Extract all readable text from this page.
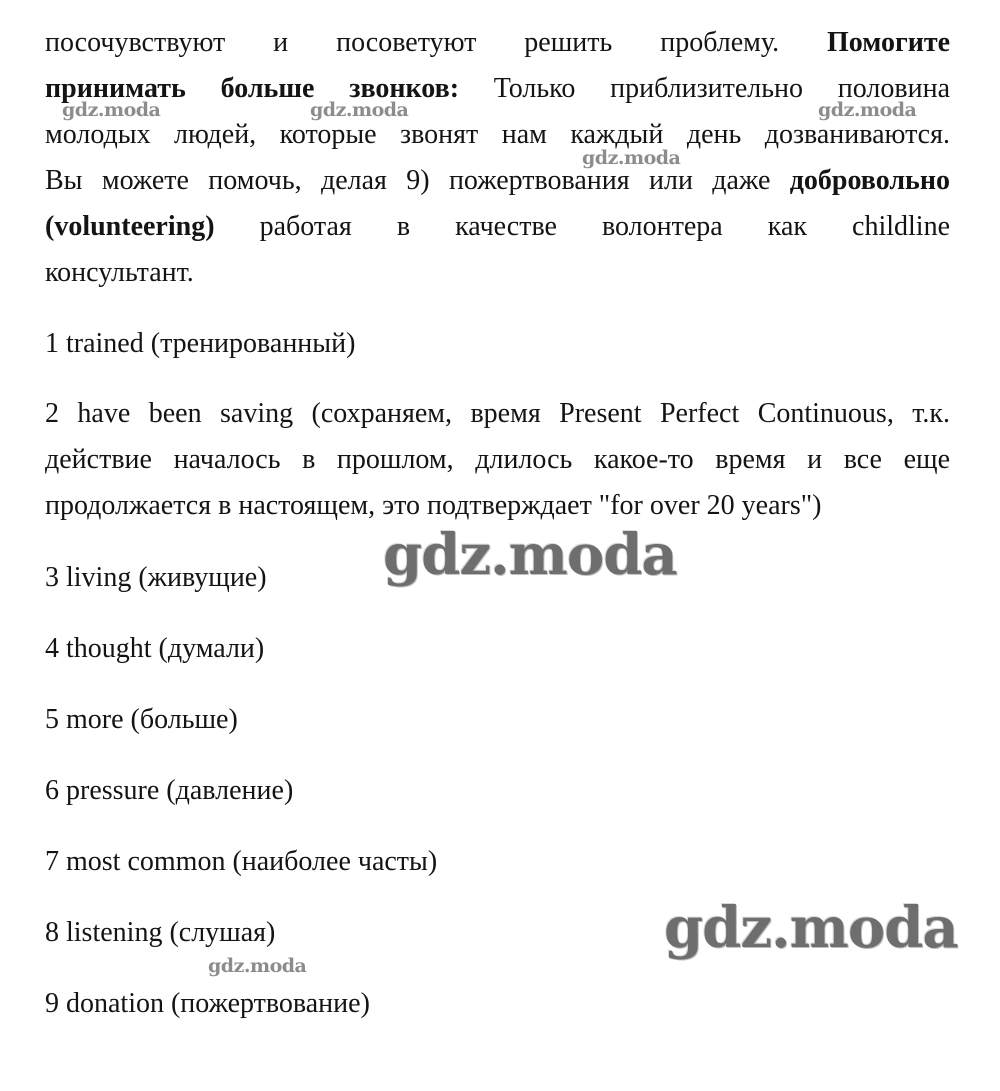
посочувствуют и посоветуют решить проблему. Помогите
принимать больше звонков: Только приблизительно половина
молодых людей, которые звонят нам каждый день дозваниваются.
Вы можете помочь, делая 9) пожертвования или даже добровольно
(volunteering) работая в качестве волонтера как childline
консультант.

1 trained (тренированный)

2 have been saving (сохраняем, время Present Perfect Continuous, т.к. действие началось в прошлом, длилось какое-то время и все еще продолжается в настоящем, это подтверждает "for over 20 years")

3 living (живущие)

4 thought (думали)

5 more (больше)

6 pressure (давление)

7 most common (наиболее часты)

8 listening (слушая)

9 donation (пожертвование)

gdz.moda	gdz.moda	gdz.moda
gdz.moda
gdz.moda
gdz.moda
gdz.moda
